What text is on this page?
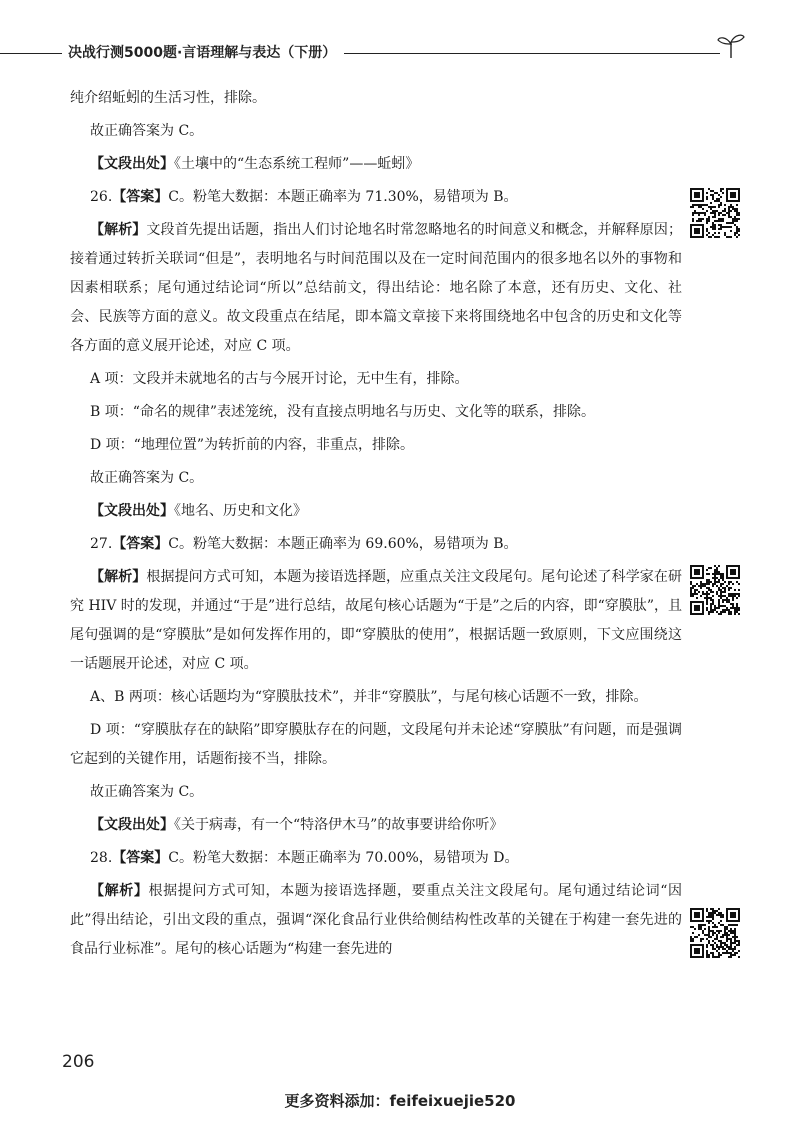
决战行测5000题·言语理解与表达（下册）

纯介绍蚯蚓的生活习性，排除。

故正确答案为 C。

【文段出处】《土壤中的“生态系统工程师”——蚯蚓》

26.【答案】C。粉笔大数据：本题正确率为 71.30%，易错项为 B。

【解析】文段首先提出话题，指出人们讨论地名时常忽略地名的时间意义和概念，并解释原因；接着通过转折关联词“但是”，表明地名与时间范围以及在一定时间范围内的很多地名以外的事物和因素相联系；尾句通过结论词“所以”总结前文，得出结论：地名除了本意，还有历史、文化、社会、民族等方面的意义。故文段重点在结尾，即本篇文章接下来将围绕地名中包含的历史和文化等各方面的意义展开论述，对应 C 项。

A 项：文段并未就地名的古与今展开讨论，无中生有，排除。

B 项：“命名的规律”表述笼统，没有直接点明地名与历史、文化等的联系，排除。

D 项：“地理位置”为转折前的内容，非重点，排除。

故正确答案为 C。

【文段出处】《地名、历史和文化》

27.【答案】C。粉笔大数据：本题正确率为 69.60%，易错项为 B。

【解析】根据提问方式可知，本题为接语选择题，应重点关注文段尾句。尾句论述了科学家在研究 HIV 时的发现，并通过“于是”进行总结，故尾句核心话题为“于是”之后的内容，即“穿膜肽”，且尾句强调的是“穿膜肽”是如何发挥作用的，即“穿膜肽的使用”，根据话题一致原则，下文应围绕这一话题展开论述，对应 C 项。

A、B 两项：核心话题均为“穿膜肽技术”，并非“穿膜肽”，与尾句核心话题不一致，排除。

D 项：“穿膜肽存在的缺陷”即穿膜肽存在的问题，文段尾句并未论述“穿膜肽”有问题，而是强调它起到的关键作用，话题衔接不当，排除。

故正确答案为 C。

【文段出处】《关于病毒，有一个“特洛伊木马”的故事要讲给你听》

28.【答案】C。粉笔大数据：本题正确率为 70.00%，易错项为 D。

【解析】根据提问方式可知，本题为接语选择题，要重点关注文段尾句。尾句通过结论词“因此”得出结论，引出文段的重点，强调“深化食品行业供给侧结构性改革的关键在于构建一套先进的食品行业标准”。尾句的核心话题为“构建一套先进的

206
更多资料添加：feifeixuejie520
